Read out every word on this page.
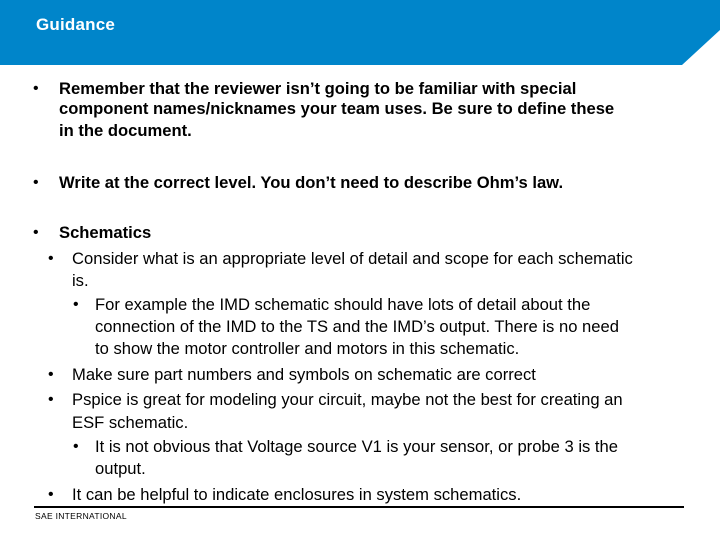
Guidance
• Remember that the reviewer isn’t going to be familiar with special
component names/nicknames your team uses. Be sure to define these
in the document.
• Write at the correct level. You don’t need to describe Ohm’s law.
• Schematics
• Consider what is an appropriate level of detail and scope for each schematic
is.
• For example the IMD schematic should have lots of detail about the
connection of the IMD to the TS and the IMD’s output. There is no need
to show the motor controller and motors in this schematic.
• Make sure part numbers and symbols on schematic are correct
• Pspice is great for modeling your circuit, maybe not the best for creating an
ESF schematic.
• It is not obvious that Voltage source V1 is your sensor, or probe 3 is the
output.
• It can be helpful to indicate enclosures in system schematics.
SAE INTERNATIONAL
